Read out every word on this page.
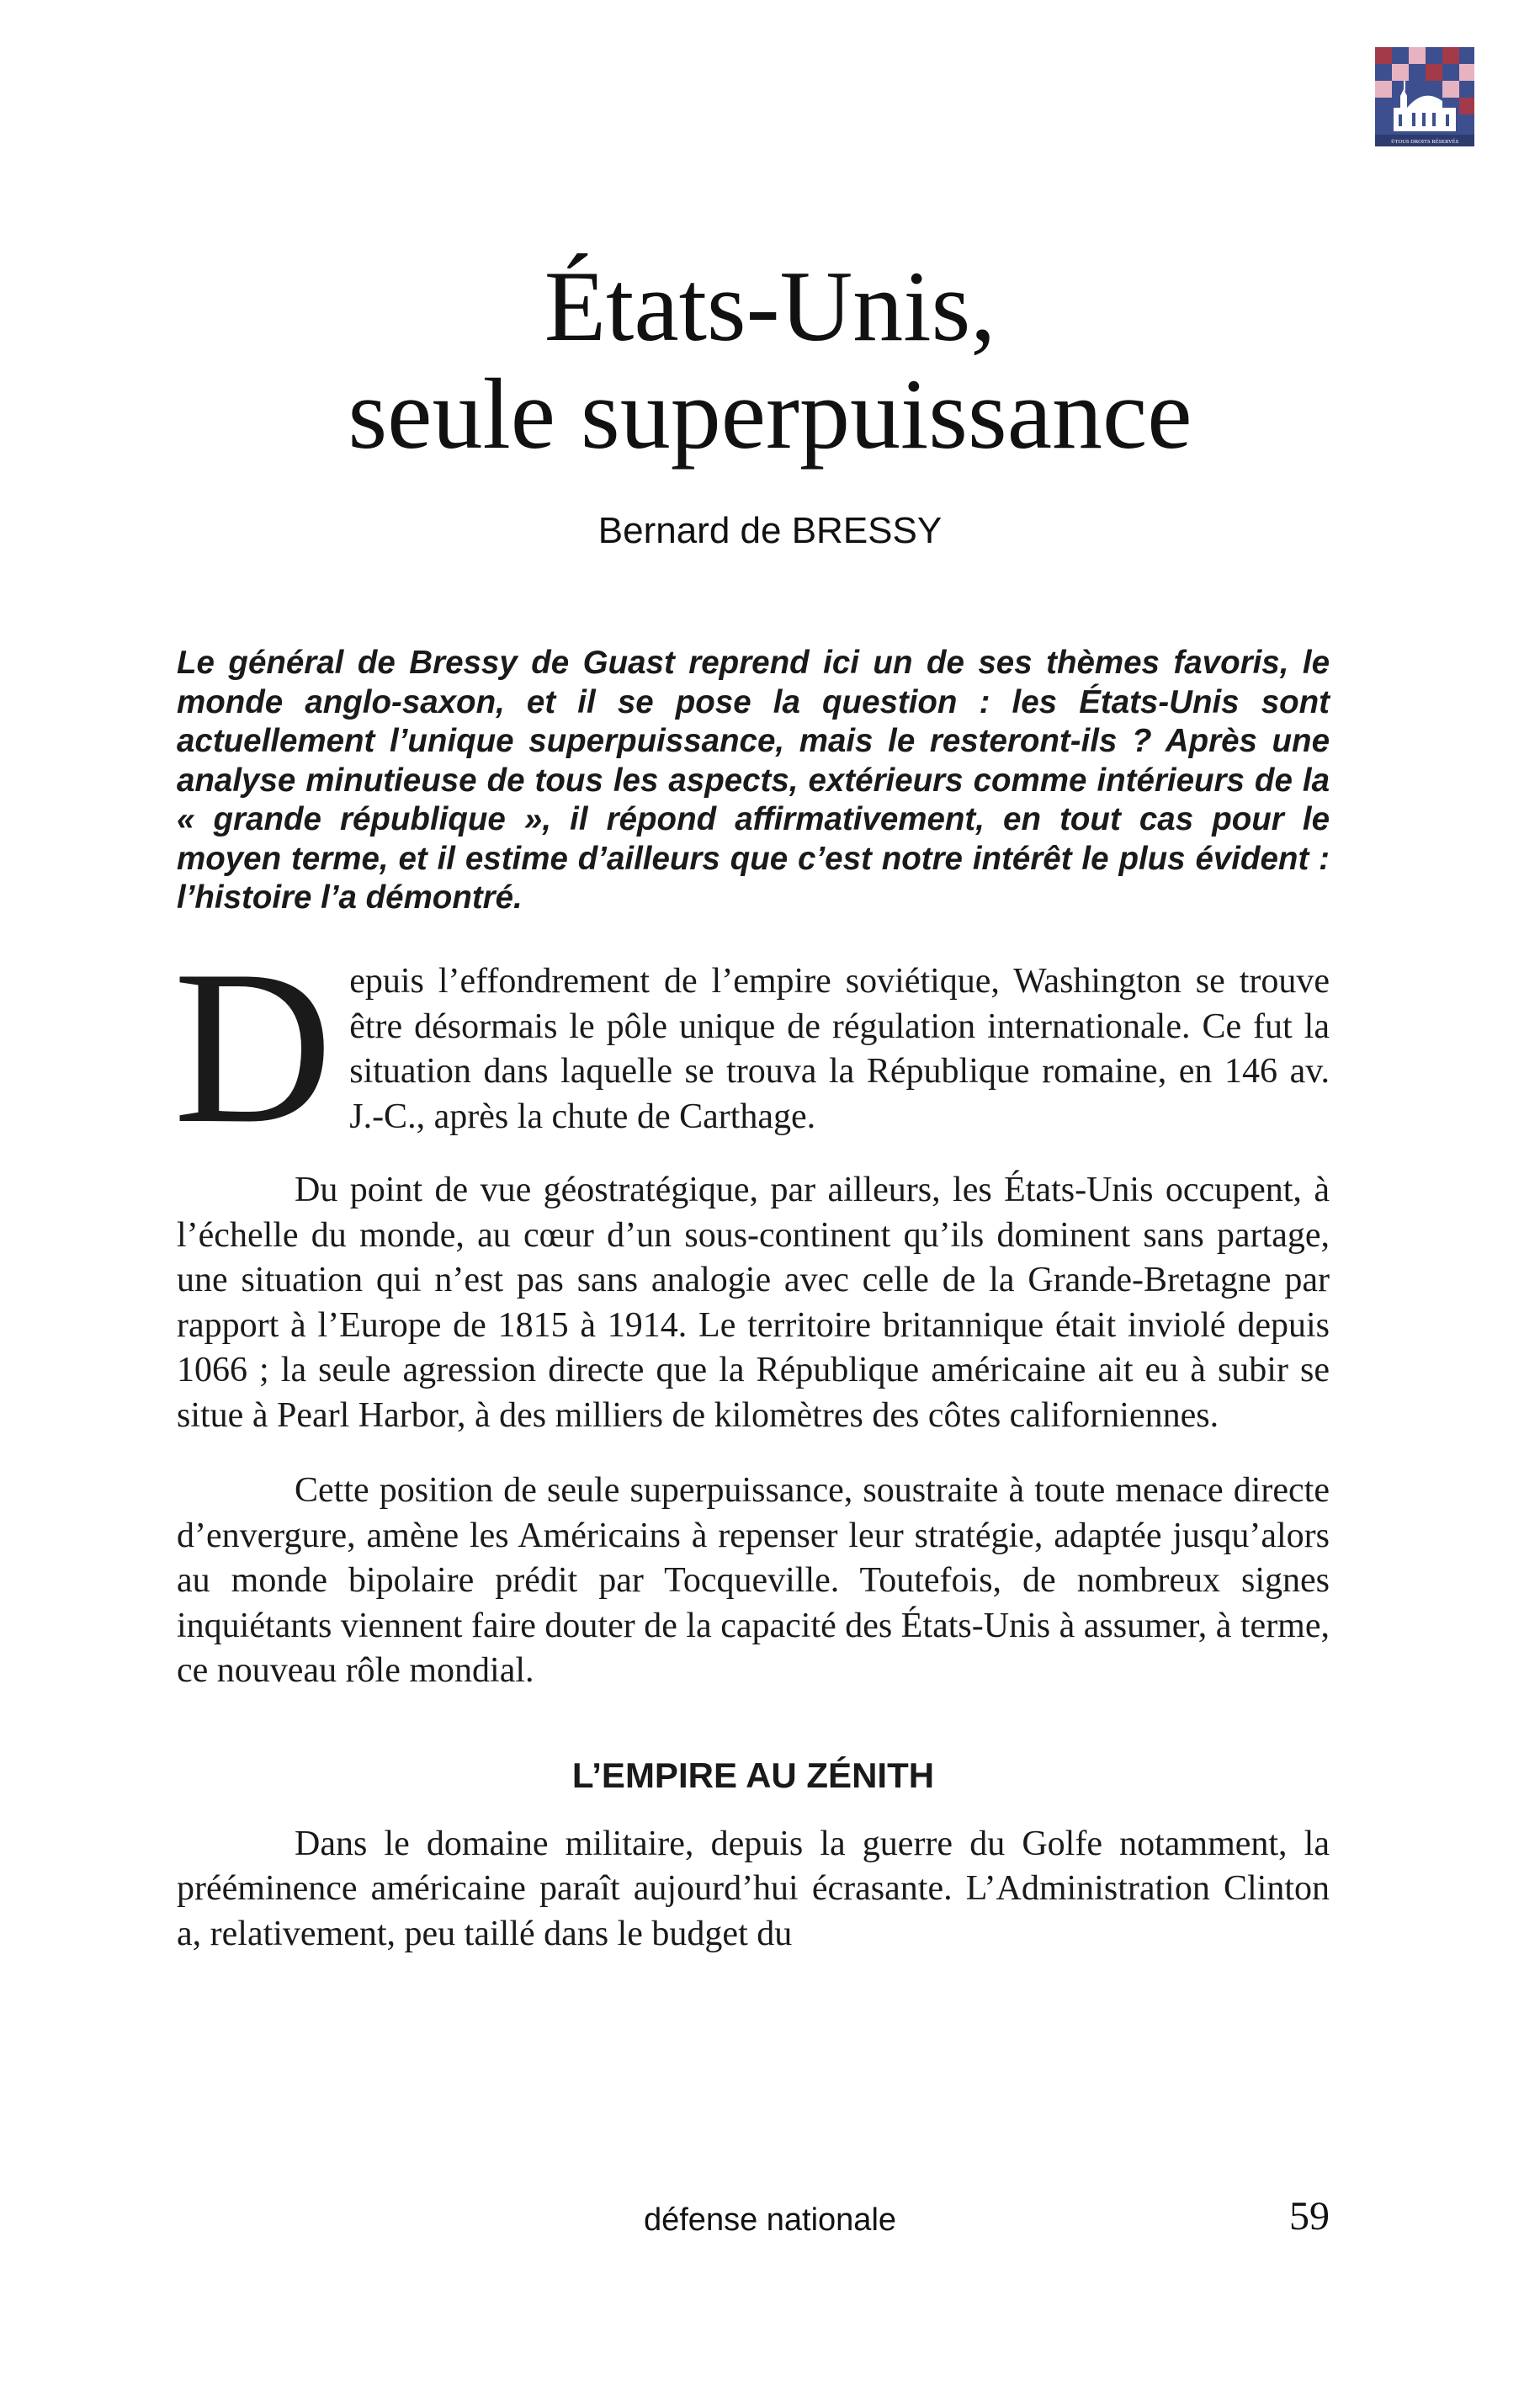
©TOUS DROITS RÉSERVÉS
États-Unis,
seule superpuissance
Bernard de BRESSY

Le général de Bressy de Guast reprend ici un de ses thèmes favoris, le monde anglo-saxon, et il se pose la question : les États-Unis sont actuellement l’unique superpuissance, mais le resteront-ils ? Après une analyse minutieuse de tous les aspects, extérieurs comme intérieurs de la « grande république », il répond affirmativement, en tout cas pour le moyen terme, et il estime d’ailleurs que c’est notre intérêt le plus évident : l’histoire l’a démontré.

Depuis l’effondrement de l’empire soviétique, Washington se trouve être désormais le pôle unique de régulation internationale. Ce fut la situation dans laquelle se trouva la République romaine, en 146 av. J.-C., après la chute de Carthage.

Du point de vue géostratégique, par ailleurs, les États-Unis occupent, à l’échelle du monde, au cœur d’un sous-continent qu’ils dominent sans partage, une situation qui n’est pas sans analogie avec celle de la Grande-Bretagne par rapport à l’Europe de 1815 à 1914. Le territoire britannique était inviolé depuis 1066 ; la seule agression directe que la République américaine ait eu à subir se situe à Pearl Harbor, à des milliers de kilomètres des côtes californiennes.

Cette position de seule superpuissance, soustraite à toute menace directe d’envergure, amène les Américains à repenser leur stratégie, adaptée jusqu’alors au monde bipolaire prédit par Tocqueville. Toutefois, de nombreux signes inquiétants viennent faire douter de la capacité des États-Unis à assumer, à terme, ce nouveau rôle mondial.

L’EMPIRE AU ZÉNITH

Dans le domaine militaire, depuis la guerre du Golfe notamment, la prééminence américaine paraît aujourd’hui écrasante. L’Administration Clinton a, relativement, peu taillé dans le budget du

défense nationale	59
